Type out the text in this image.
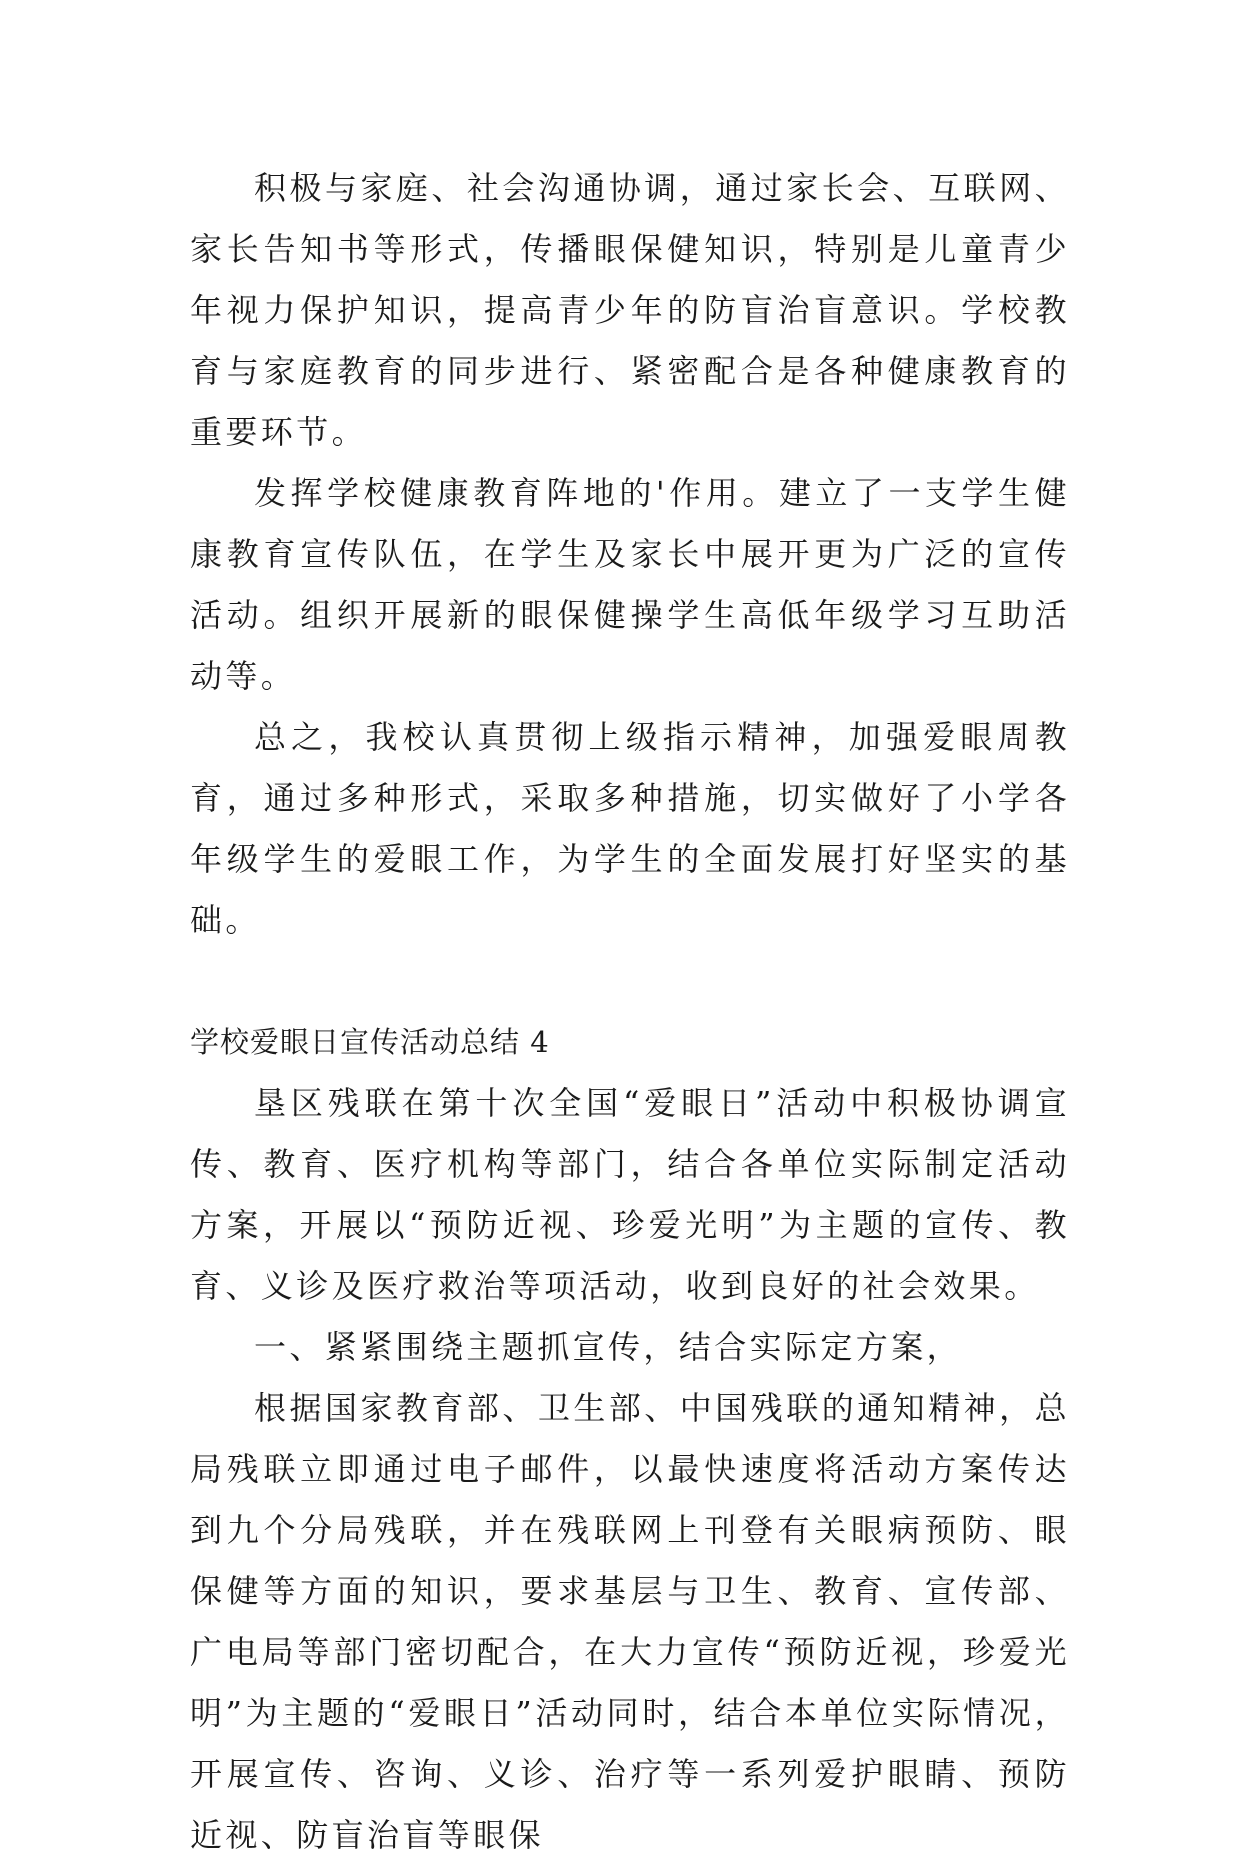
积极与家庭、社会沟通协调，通过家长会、互联网、家长告知书等形式，传播眼保健知识，特别是儿童青少年视力保护知识，提高青少年的防盲治盲意识。学校教育与家庭教育的同步进行、紧密配合是各种健康教育的重要环节。

发挥学校健康教育阵地的'作用。建立了一支学生健康教育宣传队伍，在学生及家长中展开更为广泛的宣传活动。组织开展新的眼保健操学生高低年级学习互助活动等。

总之，我校认真贯彻上级指示精神，加强爱眼周教育，通过多种形式，采取多种措施，切实做好了小学各年级学生的爱眼工作，为学生的全面发展打好坚实的基础。

学校爱眼日宣传活动总结 4

垦区残联在第十次全国“爱眼日”活动中积极协调宣传、教育、医疗机构等部门，结合各单位实际制定活动方案，开展以“预防近视、珍爱光明”为主题的宣传、教育、义诊及医疗救治等项活动，收到良好的社会效果。

一、紧紧围绕主题抓宣传，结合实际定方案，

根据国家教育部、卫生部、中国残联的通知精神，总局残联立即通过电子邮件，以最快速度将活动方案传达到九个分局残联，并在残联网上刊登有关眼病预防、眼保健等方面的知识，要求基层与卫生、教育、宣传部、广电局等部门密切配合，在大力宣传“预防近视，珍爱光明”为主题的“爱眼日”活动同时，结合本单位实际情况，开展宣传、咨询、义诊、治疗等一系列爱护眼睛、预防近视、防盲治盲等眼保
